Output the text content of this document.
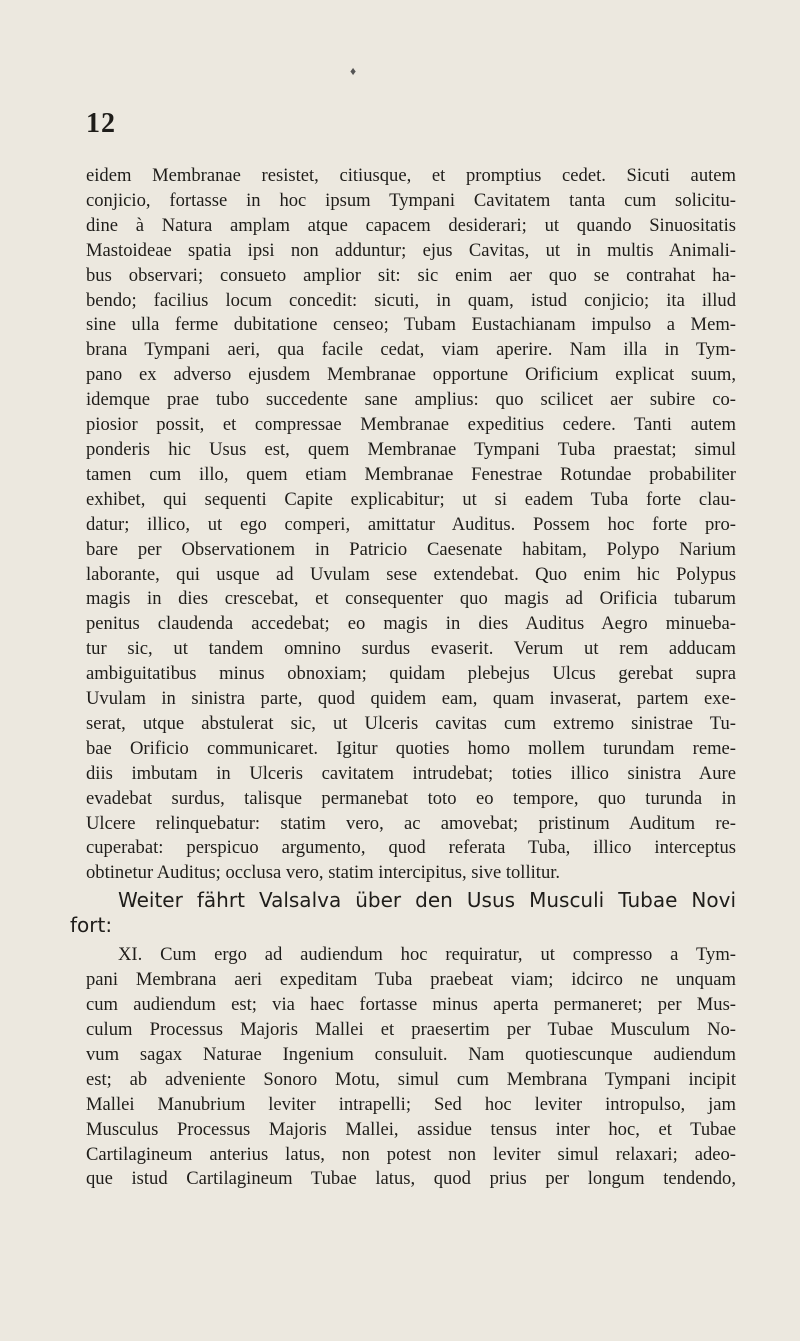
♦
12
eidem Membranae resistet, citiusque, et promptius cedet. Sicuti autem
conjicio, fortasse in hoc ipsum Tympani Cavitatem tanta cum solicitu-
dine à Natura amplam atque capacem desiderari; ut quando Sinuositatis
Mastoideae spatia ipsi non adduntur; ejus Cavitas, ut in multis Animali-
bus observari; consueto amplior sit: sic enim aer quo se contrahat ha-
bendo; facilius locum concedit: sicuti, in quam, istud conjicio; ita illud
sine ulla ferme dubitatione censeo; Tubam Eustachianam impulso a Mem-
brana Tympani aeri, qua facile cedat, viam aperire. Nam illa in Tym-
pano ex adverso ejusdem Membranae opportune Orificium explicat suum,
idemque prae tubo succedente sane amplius: quo scilicet aer subire co-
piosior possit, et compressae Membranae expeditius cedere. Tanti autem
ponderis hic Usus est, quem Membranae Tympani Tuba praestat; simul
tamen cum illo, quem etiam Membranae Fenestrae Rotundae probabiliter
exhibet, qui sequenti Capite explicabitur; ut si eadem Tuba forte clau-
datur; illico, ut ego comperi, amittatur Auditus. Possem hoc forte pro-
bare per Observationem in Patricio Caesenate habitam, Polypo Narium
laborante, qui usque ad Uvulam sese extendebat. Quo enim hic Polypus
magis in dies crescebat, et consequenter quo magis ad Orificia tubarum
penitus claudenda accedebat; eo magis in dies Auditus Aegro minueba-
tur sic, ut tandem omnino surdus evaserit. Verum ut rem adducam
ambiguitatibus minus obnoxiam; quidam plebejus Ulcus gerebat supra
Uvulam in sinistra parte, quod quidem eam, quam invaserat, partem exe-
serat, utque abstulerat sic, ut Ulceris cavitas cum extremo sinistrae Tu-
bae Orificio communicaret. Igitur quoties homo mollem turundam reme-
diis imbutam in Ulceris cavitatem intrudebat; toties illico sinistra Aure
evadebat surdus, talisque permanebat toto eo tempore, quo turunda in
Ulcere relinquebatur: statim vero, ac amovebat; pristinum Auditum re-
cuperabat: perspicuo argumento, quod referata Tuba, illico interceptus
obtinetur Auditus; occlusa vero, statim intercipitus, sive tollitur.
Weiter fährt Valsalva über den Usus Musculi Tubae Novi
fort:
XI. Cum ergo ad audiendum hoc requiratur, ut compresso a Tym-
pani Membrana aeri expeditam Tuba praebeat viam; idcirco ne unquam
cum audiendum est; via haec fortasse minus aperta permaneret; per Mus-
culum Processus Majoris Mallei et praesertim per Tubae Musculum No-
vum sagax Naturae Ingenium consuluit. Nam quotiescunque audiendum
est; ab adveniente Sonoro Motu, simul cum Membrana Tympani incipit
Mallei Manubrium leviter intrapelli; Sed hoc leviter intropulso, jam
Musculus Processus Majoris Mallei, assidue tensus inter hoc, et Tubae
Cartilagineum anterius latus, non potest non leviter simul relaxari; adeo-
que istud Cartilagineum Tubae latus, quod prius per longum tendendo,
